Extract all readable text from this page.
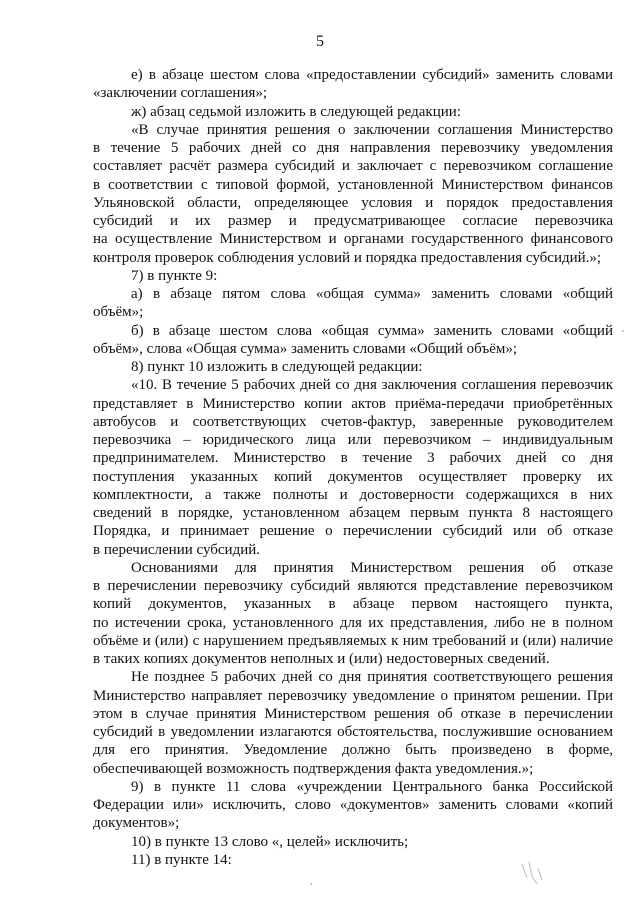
5
е) в абзаце шестом слова «предоставлении субсидий» заменить словами
«заключении соглашения»;
ж) абзац седьмой изложить в следующей редакции:
«В случае принятия решения о заключении соглашения Министерство
в течение 5 рабочих дней со дня направления перевозчику уведомления
составляет расчёт размера субсидий и заключает с перевозчиком соглашение
в соответствии с типовой формой, установленной Министерством финансов
Ульяновской области, определяющее условия и порядок предоставления
субсидий и их размер и предусматривающее согласие перевозчика
на осуществление Министерством и органами государственного финансового
контроля проверок соблюдения условий и порядка предоставления субсидий.»;
7) в пункте 9:
а) в абзаце пятом слова «общая сумма» заменить словами «общий
объём»;
б) в абзаце шестом слова «общая сумма» заменить словами «общий
объём», слова «Общая сумма» заменить словами «Общий объём»;
8) пункт 10 изложить в следующей редакции:
«10. В течение 5 рабочих дней со дня заключения соглашения перевозчик
представляет в Министерство копии актов приёма-передачи приобретённых
автобусов и соответствующих счетов-фактур, заверенные руководителем
перевозчика – юридического лица или перевозчиком – индивидуальным
предпринимателем. Министерство в течение 3 рабочих дней со дня
поступления указанных копий документов осуществляет проверку их
комплектности, а также полноты и достоверности содержащихся в них
сведений в порядке, установленном абзацем первым пункта 8 настоящего
Порядка, и принимает решение о перечислении субсидий или об отказе
в перечислении субсидий.
Основаниями для принятия Министерством решения об отказе
в перечислении перевозчику субсидий являются представление перевозчиком
копий документов, указанных в абзаце первом настоящего пункта,
по истечении срока, установленного для их представления, либо не в полном
объёме и (или) с нарушением предъявляемых к ним требований и (или) наличие
в таких копиях документов неполных и (или) недостоверных сведений.
Не позднее 5 рабочих дней со дня принятия соответствующего решения
Министерство направляет перевозчику уведомление о принятом решении. При
этом в случае принятия Министерством решения об отказе в перечислении
субсидий в уведомлении излагаются обстоятельства, послужившие основанием
для его принятия. Уведомление должно быть произведено в форме,
обеспечивающей возможность подтверждения факта уведомления.»;
9) в пункте 11 слова «учреждении Центрального банка Российской
Федерации или» исключить, слово «документов» заменить словами «копий
документов»;
10) в пункте 13 слово «, целей» исключить;
11) в пункте 14:
